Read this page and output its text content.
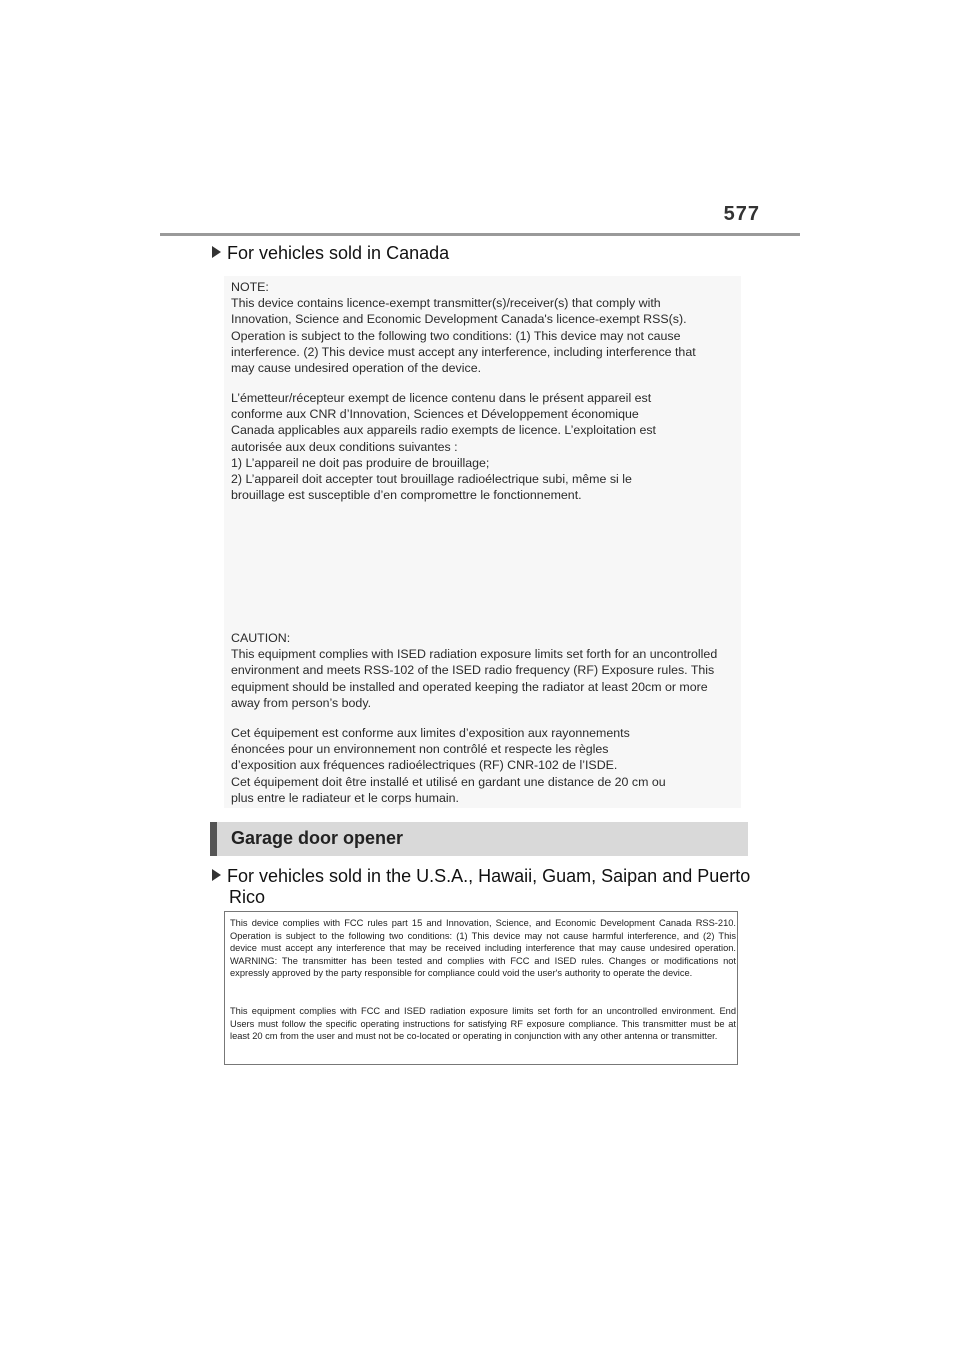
577
For vehicles sold in Canada
NOTE:
This device contains licence-exempt transmitter(s)/receiver(s) that comply with
Innovation, Science and Economic Development Canada's licence-exempt RSS(s).
Operation is subject to the following two conditions: (1) This device may not cause
interference. (2) This device must accept any interference, including interference that
may cause undesired operation of the device.
L’émetteur/récepteur exempt de licence contenu dans le présent appareil est
conforme aux CNR d’Innovation, Sciences et Développement économique
Canada applicables aux appareils radio exempts de licence. L’exploitation est
autorisée aux deux conditions suivantes :
1) L’appareil ne doit pas produire de brouillage;
2) L’appareil doit accepter tout brouillage radioélectrique subi, même si le
brouillage est susceptible d’en compromettre le fonctionnement.
CAUTION:
This equipment complies with ISED radiation exposure limits set forth for an uncontrolled
environment and meets RSS-102 of the ISED radio frequency (RF) Exposure rules. This
equipment should be installed and operated keeping the radiator at least 20cm or more
away from person’s body.
Cet équipement est conforme aux limites d’exposition aux rayonnements
énoncées pour un environnement non contrôlé et respecte les règles
d’exposition aux fréquences radioélectriques (RF) CNR-102 de l’ISDE.
Cet équipement doit être installé et utilisé en gardant une distance de 20 cm ou
plus entre le radiateur et le corps humain.
Garage door opener
For vehicles sold in the U.S.A., Hawaii, Guam, Saipan and Puerto
Rico
This device complies with FCC rules part 15 and Innovation, Science, and Economic Development Canada RSS-210. Operation is subject to the following two conditions: (1) This device may not cause harmful interference, and (2) This device must accept any interference that may be received including interference that may cause undesired operation. WARNING: The transmitter has been tested and complies with FCC and ISED rules. Changes or modifications not expressly approved by the party responsible for compliance could void the user's authority to operate the device.
This equipment complies with FCC and ISED radiation exposure limits set forth for an uncontrolled environment. End Users must follow the specific operating instructions for satisfying RF exposure compliance. This transmitter must be at least 20 cm from the user and must not be co-located or operating in conjunction with any other antenna or transmitter.
